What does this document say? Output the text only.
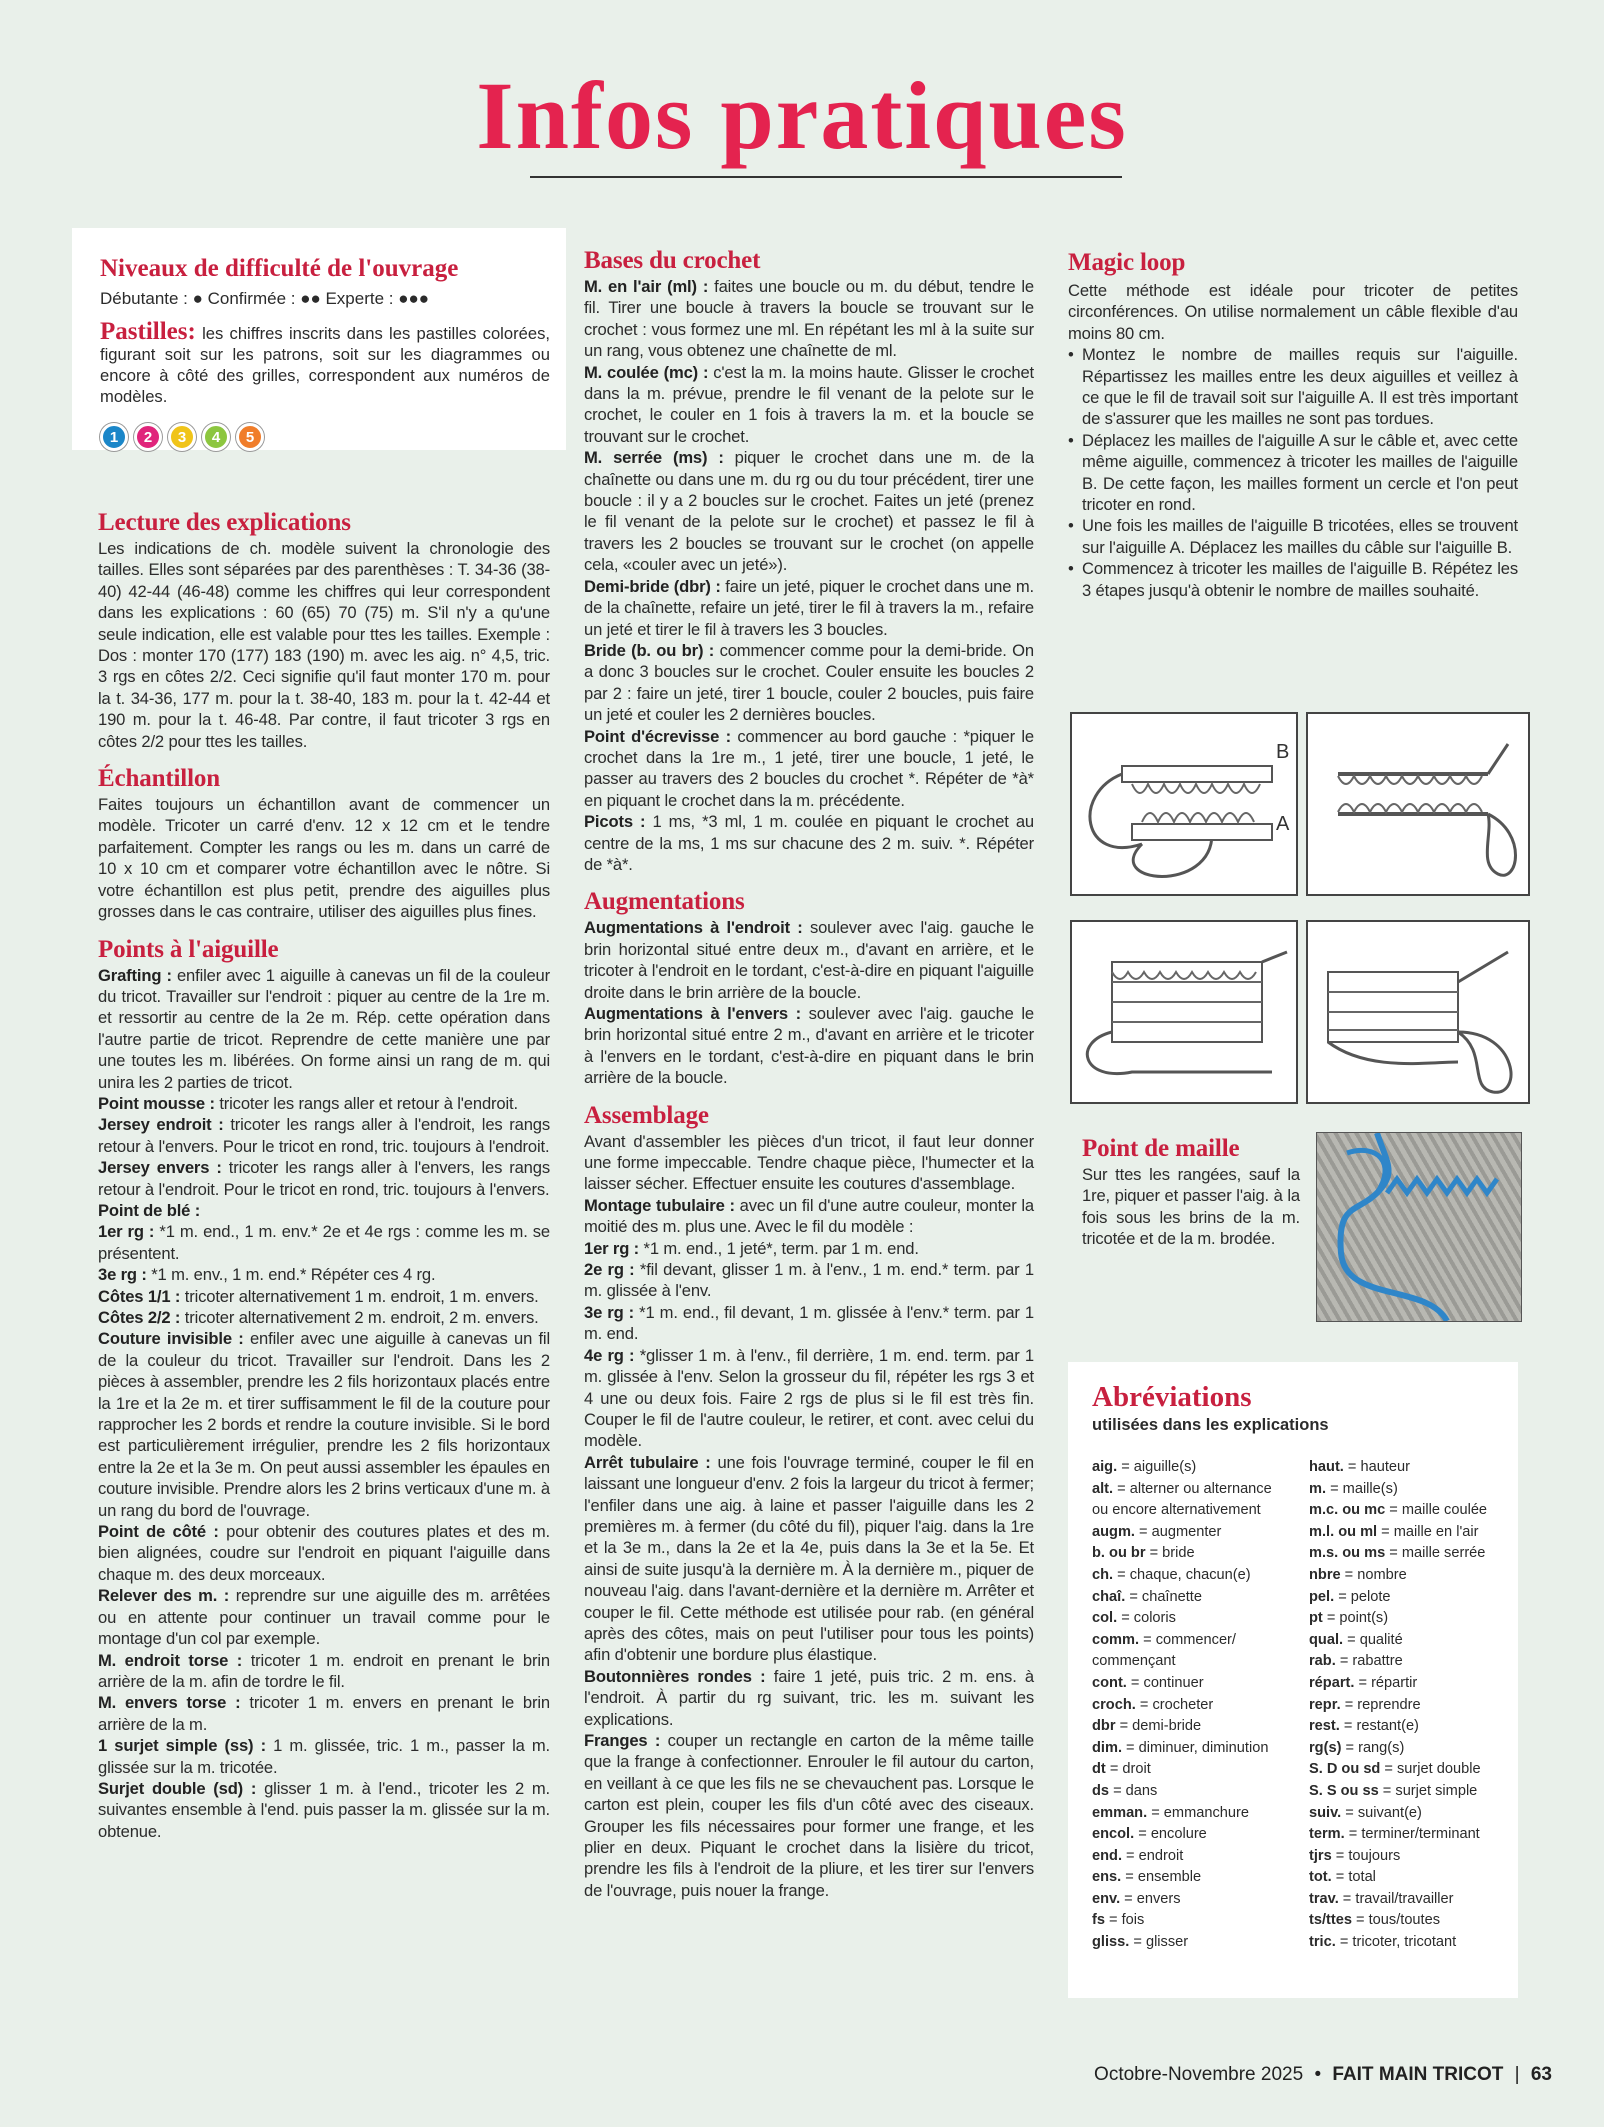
Infos pratiques
Niveaux de difficulté de l'ouvrage
Débutante : ● Confirmée : ●● Experte : ●●●

Pastilles: les chiffres inscrits dans les pastilles colorées, figurant soit sur les patrons, soit sur les diagrammes ou encore à côté des grilles, correspondent aux numéros de modèles.

1	2	3	4	5
Lecture des explications

Les indications de ch. modèle suivent la chronologie des tailles. Elles sont séparées par des parenthèses : T. 34-36 (38-40) 42-44 (46-48) comme les chiffres qui leur correspondent dans les explications : 60 (65) 70 (75) m. S'il n'y a qu'une seule indication, elle est valable pour ttes les tailles. Exemple : Dos : monter 170 (177) 183 (190) m. avec les aig. n° 4,5, tric. 3 rgs en côtes 2/2. Ceci signifie qu'il faut monter 170 m. pour la t. 34-36, 177 m. pour la t. 38-40, 183 m. pour la t. 42-44 et 190 m. pour la t. 46-48. Par contre, il faut tricoter 3 rgs en côtes 2/2 pour ttes les tailles.

Échantillon

Faites toujours un échantillon avant de commencer un modèle. Tricoter un carré d'env. 12 x 12 cm et le tendre parfaitement. Compter les rangs ou les m. dans un carré de 10 x 10 cm et comparer votre échantillon avec le nôtre. Si votre échantillon est plus petit, prendre des aiguilles plus grosses dans le cas contraire, utiliser des aiguilles plus fines.

Points à l'aiguille

Grafting : enfiler avec 1 aiguille à canevas un fil de la couleur du tricot. Travailler sur l'endroit : piquer au centre de la 1re m. et ressortir au centre de la 2e m. Rép. cette opération dans l'autre partie de tricot. Reprendre de cette manière une par une toutes les m. libérées. On forme ainsi un rang de m. qui unira les 2 parties de tricot.

Point mousse : tricoter les rangs aller et retour à l'endroit.

Jersey endroit : tricoter les rangs aller à l'endroit, les rangs retour à l'envers. Pour le tricot en rond, tric. toujours à l'endroit.

Jersey envers : tricoter les rangs aller à l'envers, les rangs retour à l'endroit. Pour le tricot en rond, tric. toujours à l'envers.

Point de blé :

1er rg : *1 m. end., 1 m. env.* 2e et 4e rgs : comme les m. se présentent.

3e rg : *1 m. env., 1 m. end.* Répéter ces 4 rg.

Côtes 1/1 : tricoter alternativement 1 m. endroit, 1 m. envers.

Côtes 2/2 : tricoter alternativement 2 m. endroit, 2 m. envers.

Couture invisible : enfiler avec une aiguille à canevas un fil de la couleur du tricot. Travailler sur l'endroit. Dans les 2 pièces à assembler, prendre les 2 fils horizontaux placés entre la 1re et la 2e m. et tirer suffisamment le fil de la couture pour rapprocher les 2 bords et rendre la couture invisible. Si le bord est particulièrement irrégulier, prendre les 2 fils horizontaux entre la 2e et la 3e m. On peut aussi assembler les épaules en couture invisible. Prendre alors les 2 brins verticaux d'une m. à un rang du bord de l'ouvrage.

Point de côté : pour obtenir des coutures plates et des m. bien alignées, coudre sur l'endroit en piquant l'aiguille dans chaque m. des deux morceaux.

Relever des m. : reprendre sur une aiguille des m. arrêtées ou en attente pour continuer un travail comme pour le montage d'un col par exemple.

M. endroit torse : tricoter 1 m. endroit en prenant le brin arrière de la m. afin de tordre le fil.

M. envers torse : tricoter 1 m. envers en prenant le brin arrière de la m.

1 surjet simple (ss) : 1 m. glissée, tric. 1 m., passer la m. glissée sur la m. tricotée.

Surjet double (sd) : glisser 1 m. à l'end., tricoter les 2 m. suivantes ensemble à l'end. puis passer la m. glissée sur la m. obtenue.

Bases du crochet

M. en l'air (ml) : faites une boucle ou m. du début, tendre le fil. Tirer une boucle à travers la boucle se trouvant sur le crochet : vous formez une ml. En répétant les ml à la suite sur un rang, vous obtenez une chaînette de ml.

M. coulée (mc) : c'est la m. la moins haute. Glisser le crochet dans la m. prévue, prendre le fil venant de la pelote sur le crochet, le couler en 1 fois à travers la m. et la boucle se trouvant sur le crochet.

M. serrée (ms) : piquer le crochet dans une m. de la chaînette ou dans une m. du rg ou du tour précédent, tirer une boucle : il y a 2 boucles sur le crochet. Faites un jeté (prenez le fil venant de la pelote sur le crochet) et passez le fil à travers les 2 boucles se trouvant sur le crochet (on appelle cela, «couler avec un jeté»).

Demi-bride (dbr) : faire un jeté, piquer le crochet dans une m. de la chaînette, refaire un jeté, tirer le fil à travers la m., refaire un jeté et tirer le fil à travers les 3 boucles.

Bride (b. ou br) : commencer comme pour la demi-bride. On a donc 3 boucles sur le crochet. Couler ensuite les boucles 2 par 2 : faire un jeté, tirer 1 boucle, couler 2 boucles, puis faire un jeté et couler les 2 dernières boucles.

Point d'écrevisse : commencer au bord gauche : *piquer le crochet dans la 1re m., 1 jeté, tirer une boucle, 1 jeté, le passer au travers des 2 boucles du crochet *. Répéter de *à* en piquant le crochet dans la m. précédente.

Picots : 1 ms, *3 ml, 1 m. coulée en piquant le crochet au centre de la ms, 1 ms sur chacune des 2 m. suiv. *. Répéter de *à*.

Augmentations

Augmentations à l'endroit : soulever avec l'aig. gauche le brin horizontal situé entre deux m., d'avant en arrière, et le tricoter à l'endroit en le tordant, c'est-à-dire en piquant l'aiguille droite dans le brin arrière de la boucle.

Augmentations à l'envers : soulever avec l'aig. gauche le brin horizontal situé entre 2 m., d'avant en arrière et le tricoter à l'envers en le tordant, c'est-à-dire en piquant dans le brin arrière de la boucle.

Assemblage

Avant d'assembler les pièces d'un tricot, il faut leur donner une forme impeccable. Tendre chaque pièce, l'humecter et la laisser sécher. Effectuer ensuite les coutures d'assemblage.

Montage tubulaire : avec un fil d'une autre couleur, monter la moitié des m. plus une. Avec le fil du modèle :

1er rg : *1 m. end., 1 jeté*, term. par 1 m. end.

2e rg : *fil devant, glisser 1 m. à l'env., 1 m. end.* term. par 1 m. glissée à l'env.

3e rg : *1 m. end., fil devant, 1 m. glissée à l'env.* term. par 1 m. end.

4e rg : *glisser 1 m. à l'env., fil derrière, 1 m. end. term. par 1 m. glissée à l'env. Selon la grosseur du fil, répéter les rgs 3 et 4 une ou deux fois. Faire 2 rgs de plus si le fil est très fin. Couper le fil de l'autre couleur, le retirer, et cont. avec celui du modèle.

Arrêt tubulaire : une fois l'ouvrage terminé, couper le fil en laissant une longueur d'env. 2 fois la largeur du tricot à fermer; l'enfiler dans une aig. à laine et passer l'aiguille dans les 2 premières m. à fermer (du côté du fil), piquer l'aig. dans la 1re et la 3e m., dans la 2e et la 4e, puis dans la 3e et la 5e. Et ainsi de suite jusqu'à la dernière m. À la dernière m., piquer de nouveau l'aig. dans l'avant-dernière et la dernière m. Arrêter et couper le fil. Cette méthode est utilisée pour rab. (en général après des côtes, mais on peut l'utiliser pour tous les points) afin d'obtenir une bordure plus élastique.

Boutonnières rondes : faire 1 jeté, puis tric. 2 m. ens. à l'endroit. À partir du rg suivant, tric. les m. suivant les explications.

Franges : couper un rectangle en carton de la même taille que la frange à confectionner. Enrouler le fil autour du carton, en veillant à ce que les fils ne se chevauchent pas. Lorsque le carton est plein, couper les fils d'un côté avec des ciseaux. Grouper les fils nécessaires pour former une frange, et les plier en deux. Piquant le crochet dans la lisière du tricot, prendre les fils à l'endroit de la pliure, et les tirer sur l'envers de l'ouvrage, puis nouer la frange.

Magic loop

Cette méthode est idéale pour tricoter de petites circonférences. On utilise normalement un câble flexible d'au moins 80 cm.

• Montez le nombre de mailles requis sur l'aiguille. Répartissez les mailles entre les deux aiguilles et veillez à ce que le fil de travail soit sur l'aiguille A. Il est très important de s'assurer que les mailles ne sont pas tordues.
• Déplacez les mailles de l'aiguille A sur le câble et, avec cette même aiguille, commencez à tricoter les mailles de l'aiguille B. De cette façon, les mailles forment un cercle et l'on peut tricoter en rond.
• Une fois les mailles de l'aiguille B tricotées, elles se trouvent sur l'aiguille A. Déplacez les mailles du câble sur l'aiguille B.
• Commencez à tricoter les mailles de l'aiguille B. Répétez les 3 étapes jusqu'à obtenir le nombre de mailles souhaité.
B
A
Point de maille

Sur ttes les rangées, sauf la 1re, piquer et passer l'aig. à la fois sous les brins de la m. tricotée et de la m. brodée.

Abréviations
utilisées dans les explications
aig. = aiguille(s)
alt. = alterner ou alternance ou encore alternativement
augm. = augmenter
b. ou br = bride
ch. = chaque, chacun(e)
chaî. = chaînette
col. = coloris
comm. = commencer/ commençant
cont. = continuer
croch. = crocheter
dbr = demi-bride
dim. = diminuer, diminution
dt = droit
ds = dans
emman. = emmanchure
encol. = encolure
end. = endroit
ens. = ensemble
env. = envers
fs = fois
gliss. = glisser
haut. = hauteur
m. = maille(s)
m.c. ou mc = maille coulée
m.l. ou ml = maille en l'air
m.s. ou ms = maille serrée
nbre = nombre
pel. = pelote
pt = point(s)
qual. = qualité
rab. = rabattre
répart. = répartir
repr. = reprendre
rest. = restant(e)
rg(s) = rang(s)
S. D ou sd = surjet double
S. S ou ss = surjet simple
suiv. = suivant(e)
term. = terminer/terminant
tjrs = toujours
tot. = total
trav. = travail/travailler
ts/ttes = tous/toutes
tric. = tricoter, tricotant
Octobre-Novembre 2025 • FAIT MAIN TRICOT | 63
